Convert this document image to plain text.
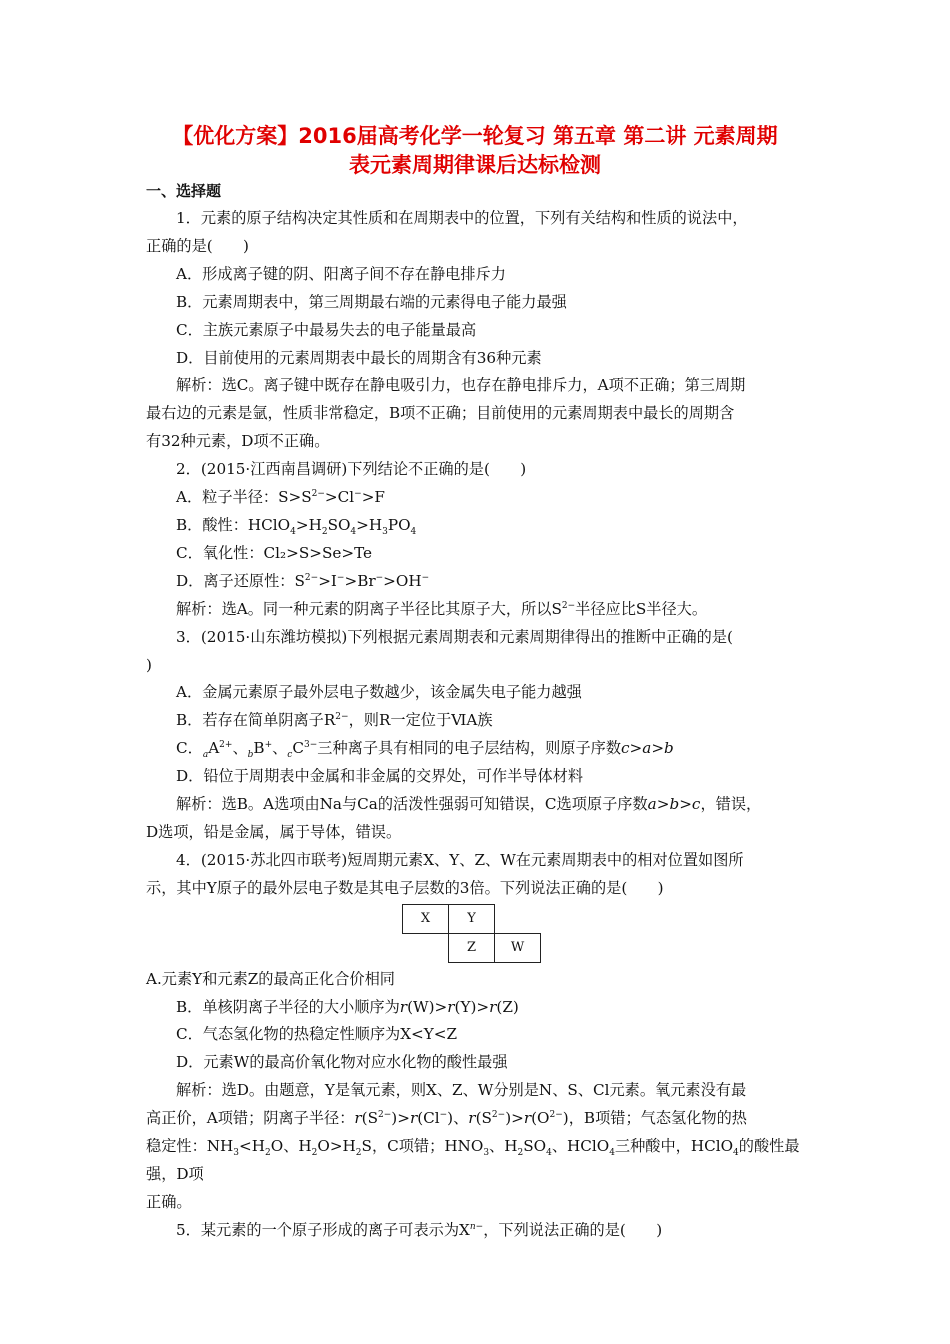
【优化方案】2016届高考化学一轮复习 第五章 第二讲 元素周期
表元素周期律课后达标检测
一、选择题

1．元素的原子结构决定其性质和在周期表中的位置，下列有关结构和性质的说法中，

正确的是(　　)

A．形成离子键的阴、阳离子间不存在静电排斥力

B．元素周期表中，第三周期最右端的元素得电子能力最强

C．主族元素原子中最易失去的电子能量最高

D．目前使用的元素周期表中最长的周期含有36种元素

解析：选C。离子键中既存在静电吸引力，也存在静电排斥力，A项不正确；第三周期

最右边的元素是氩，性质非常稳定，B项不正确；目前使用的元素周期表中最长的周期含

有32种元素，D项不正确。

2．(2015·江西南昌调研)下列结论不正确的是(　　)

A．粒子半径：$S>S^{2-}>Cl^->F$

B．酸性：$HClO_4>H_2SO_4>H_3PO_4$

C．氧化性：Cl₂>S>Se>Te

D．离子还原性：$S^{2-}>I^->Br^->OH^-$

解析：选A。同一种元素的阴离子半径比其原子大，所以$S^{2-}$半径应比S半径大。

3．(2015·山东潍坊模拟)下列根据元素周期表和元素周期律得出的推断中正确的是(

)

A．金属元素原子最外层电子数越少，该金属失电子能力越强

B．若存在简单阴离子$R^{2-}$，则R一定位于ⅥA族

C．$_aA^{2+}$、$_b$B+、$_cC^{3-}$三种离子具有相同的电子层结构，则原子序数c>a>b

D．铅位于周期表中金属和非金属的交界处，可作半导体材料

解析：选B。A选项由Na与Ca的活泼性强弱可知错误，C选项原子序数a>b>c，错误，

D选项，铅是金属，属于导体，错误。

4．(2015·苏北四市联考)短周期元素X、Y、Z、W在元素周期表中的相对位置如图所

示，其中Y原子的最外层电子数是其电子层数的3倍。下列说法正确的是(　　)

X	Y	
	Z	W

A.元素Y和元素Z的最高正化合价相同

B．单核阴离子半径的大小顺序为r(W)>r(Y)>r(Z)

C．气态氢化物的热稳定性顺序为X<Y<Z

D．元素W的最高价氧化物对应水化物的酸性最强

解析：选D。由题意，Y是氧元素，则X、Z、W分别是N、S、Cl元素。氧元素没有最

高正价，A项错；阴离子半径：$r(S^{2-})>r(Cl^-)$、$r(S^{2-})>r(O^{2-})$，B项错；气态氢化物的热

稳定性：$NH_3<H_2O$、$H_2O>H_2S$，C项错；$HNO_3$、$H_2SO_4$、HClO$_4$三种酸中，HClO$_4$的酸性最强，D项

正确。

5．某元素的一个原子形成的离子可表示为$X^{n-}$，下列说法正确的是(　　)
